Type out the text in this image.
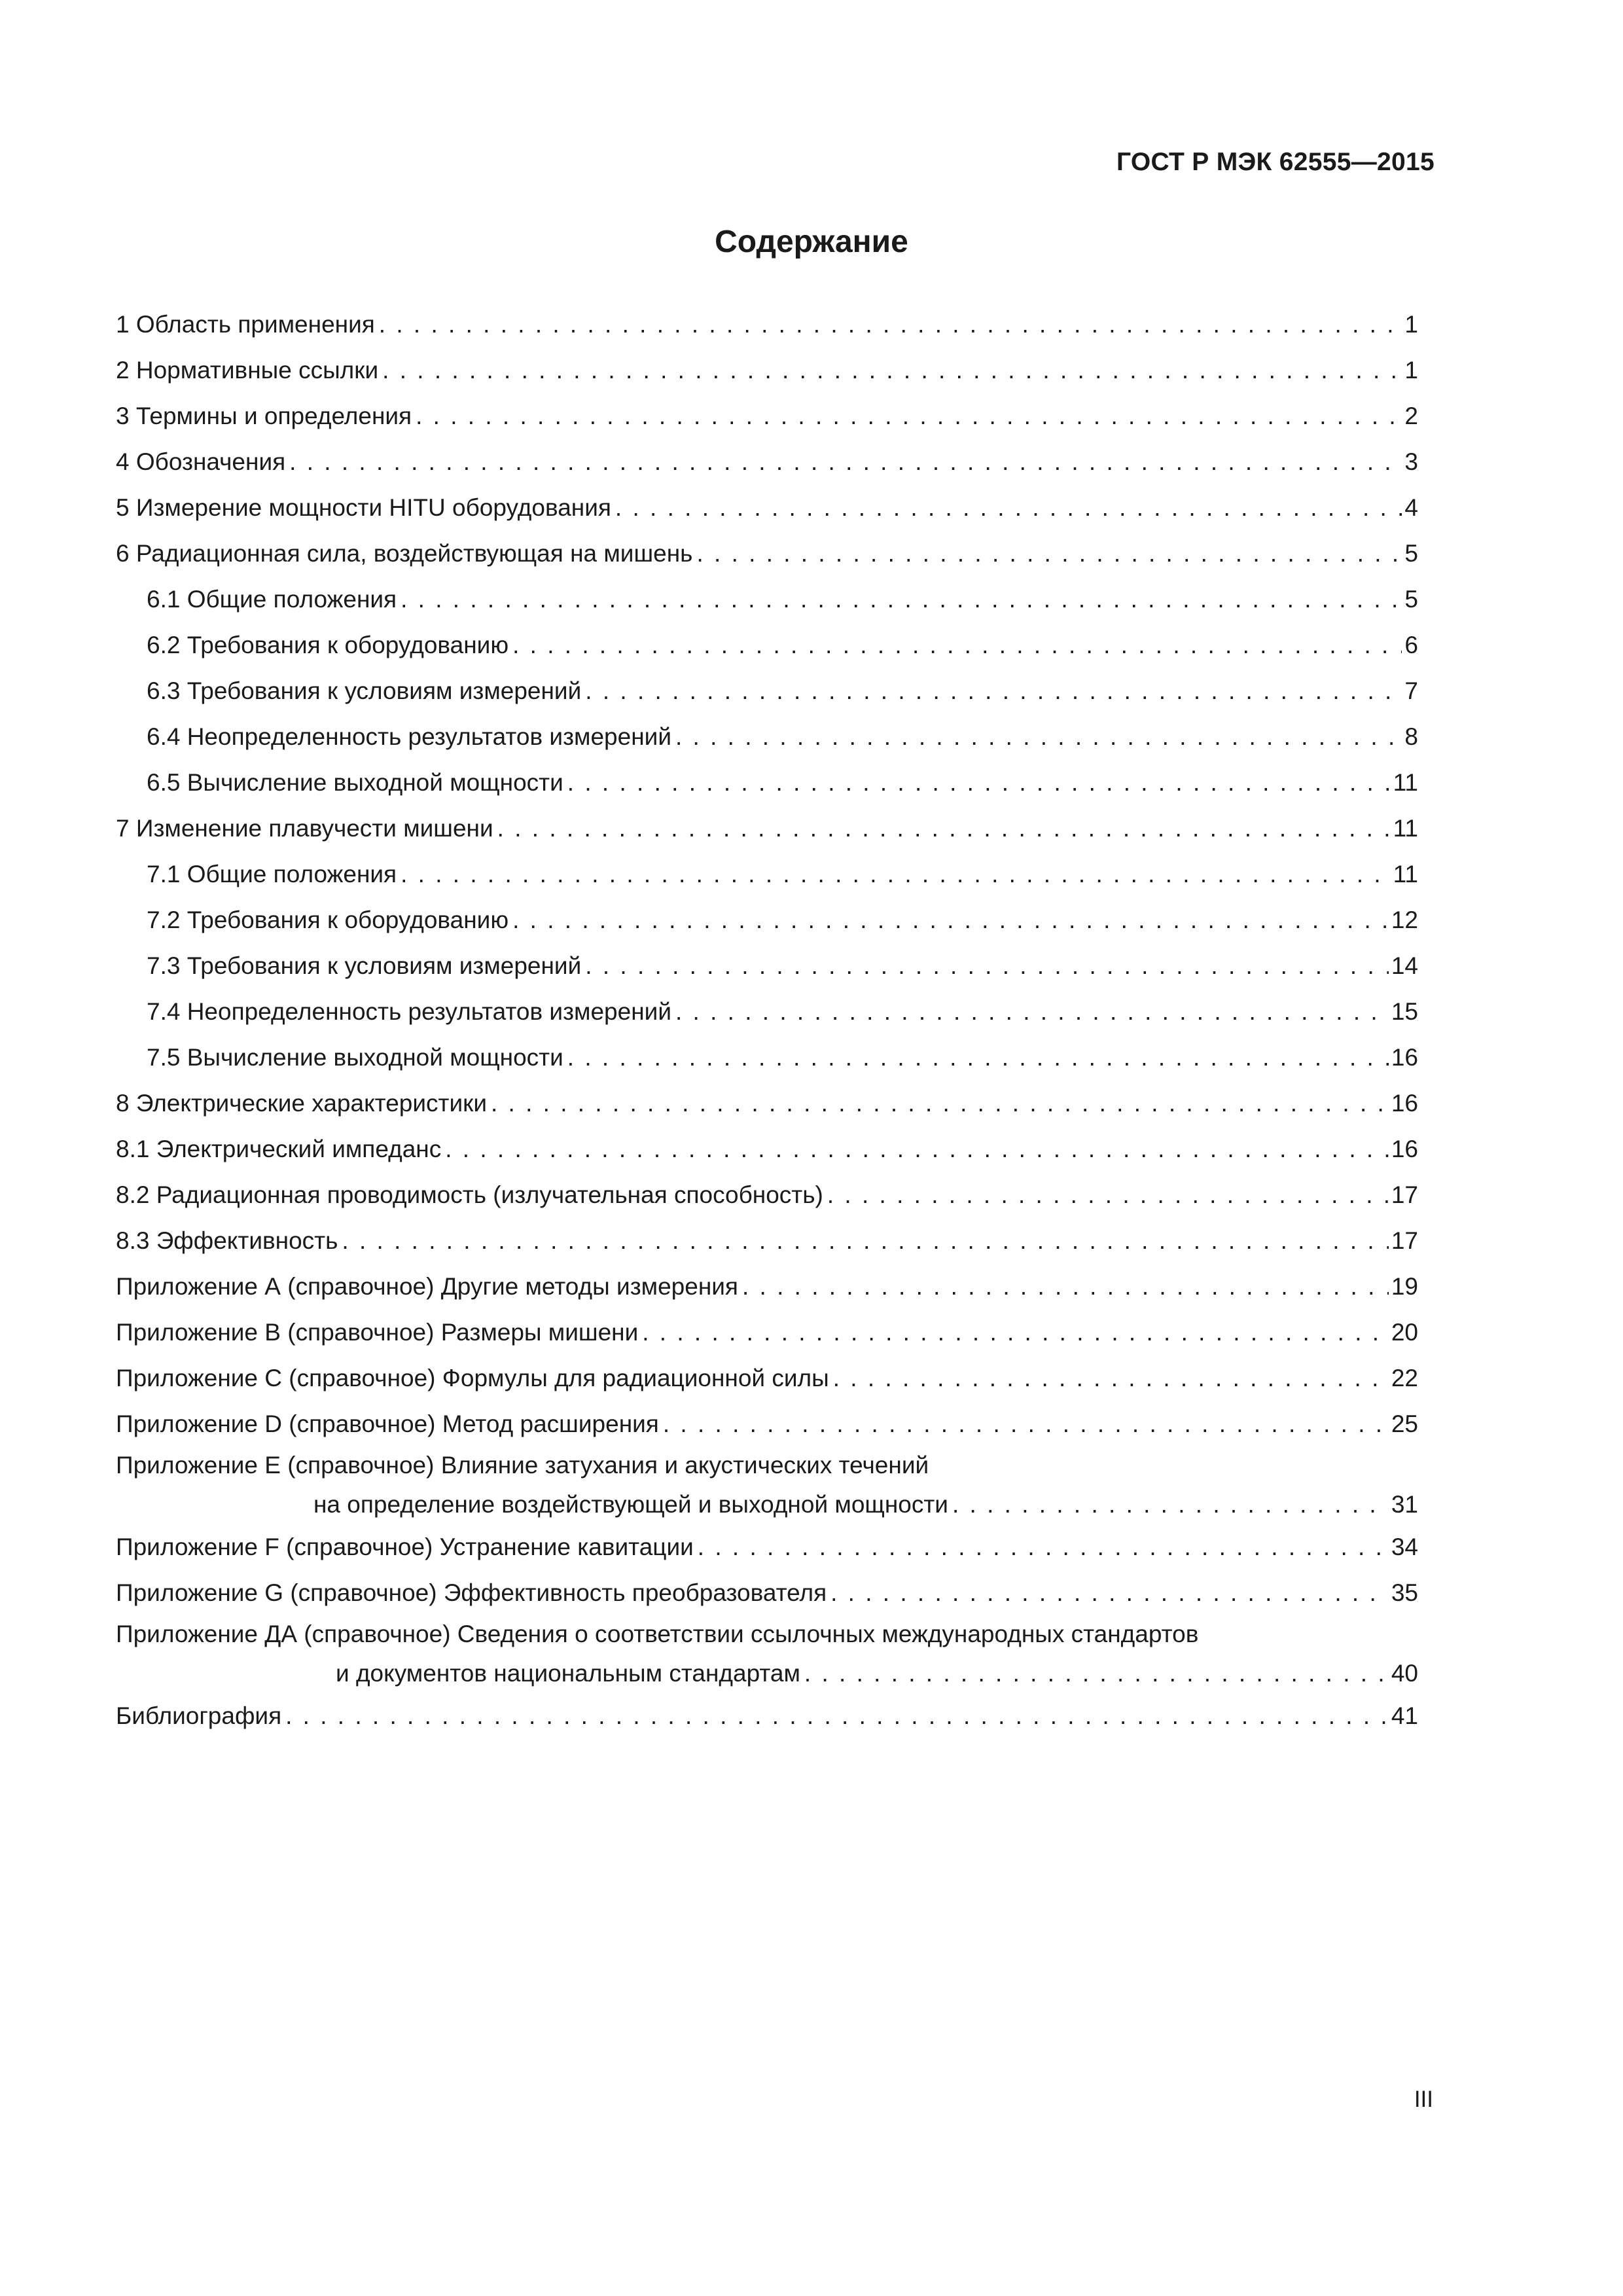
ГОСТ Р МЭК 62555—2015
Содержание
1 Область применения . . .	1
2 Нормативные ссылки . . .	1
3 Термины и определения . . .	2
4 Обозначения . . .	3
5 Измерение мощности HITU оборудования . . .	4
6 Радиационная сила, воздействующая на мишень . . .	5
6.1 Общие положения . . .	5
6.2 Требования к оборудованию . . .	6
6.3 Требования к условиям измерений . . .	7
6.4 Неопределенность результатов измерений . . .	8
6.5 Вычисление выходной мощности . . .	11
7 Изменение плавучести мишени . . .	11
7.1 Общие положения . . .	11
7.2 Требования к оборудованию . . .	12
7.3 Требования к условиям измерений . . .	14
7.4 Неопределенность результатов измерений . . .	15
7.5 Вычисление выходной мощности . . .	16
8 Электрические характеристики . . .	16
8.1 Электрический импеданс . . .	16
8.2 Радиационная проводимость (излучательная способность) . . .	17
8.3 Эффективность . . .	17
Приложение А (справочное) Другие методы измерения . . .	19
Приложение В (справочное) Размеры мишени . . .	20
Приложение С (справочное) Формулы для радиационной силы . . .	22
Приложение D (справочное) Метод расширения . . .	25
Приложение Е (справочное) Влияние затухания и акустических течений
на определение воздействующей и выходной мощности . . .	31
Приложение F (справочное) Устранение кавитации . . .	34
Приложение G (справочное) Эффективность преобразователя . . .	35
Приложение ДА (справочное) Сведения о соответствии ссылочных международных стандартов
и документов национальным стандартам . . .	40
Библиография . . .	41
III
